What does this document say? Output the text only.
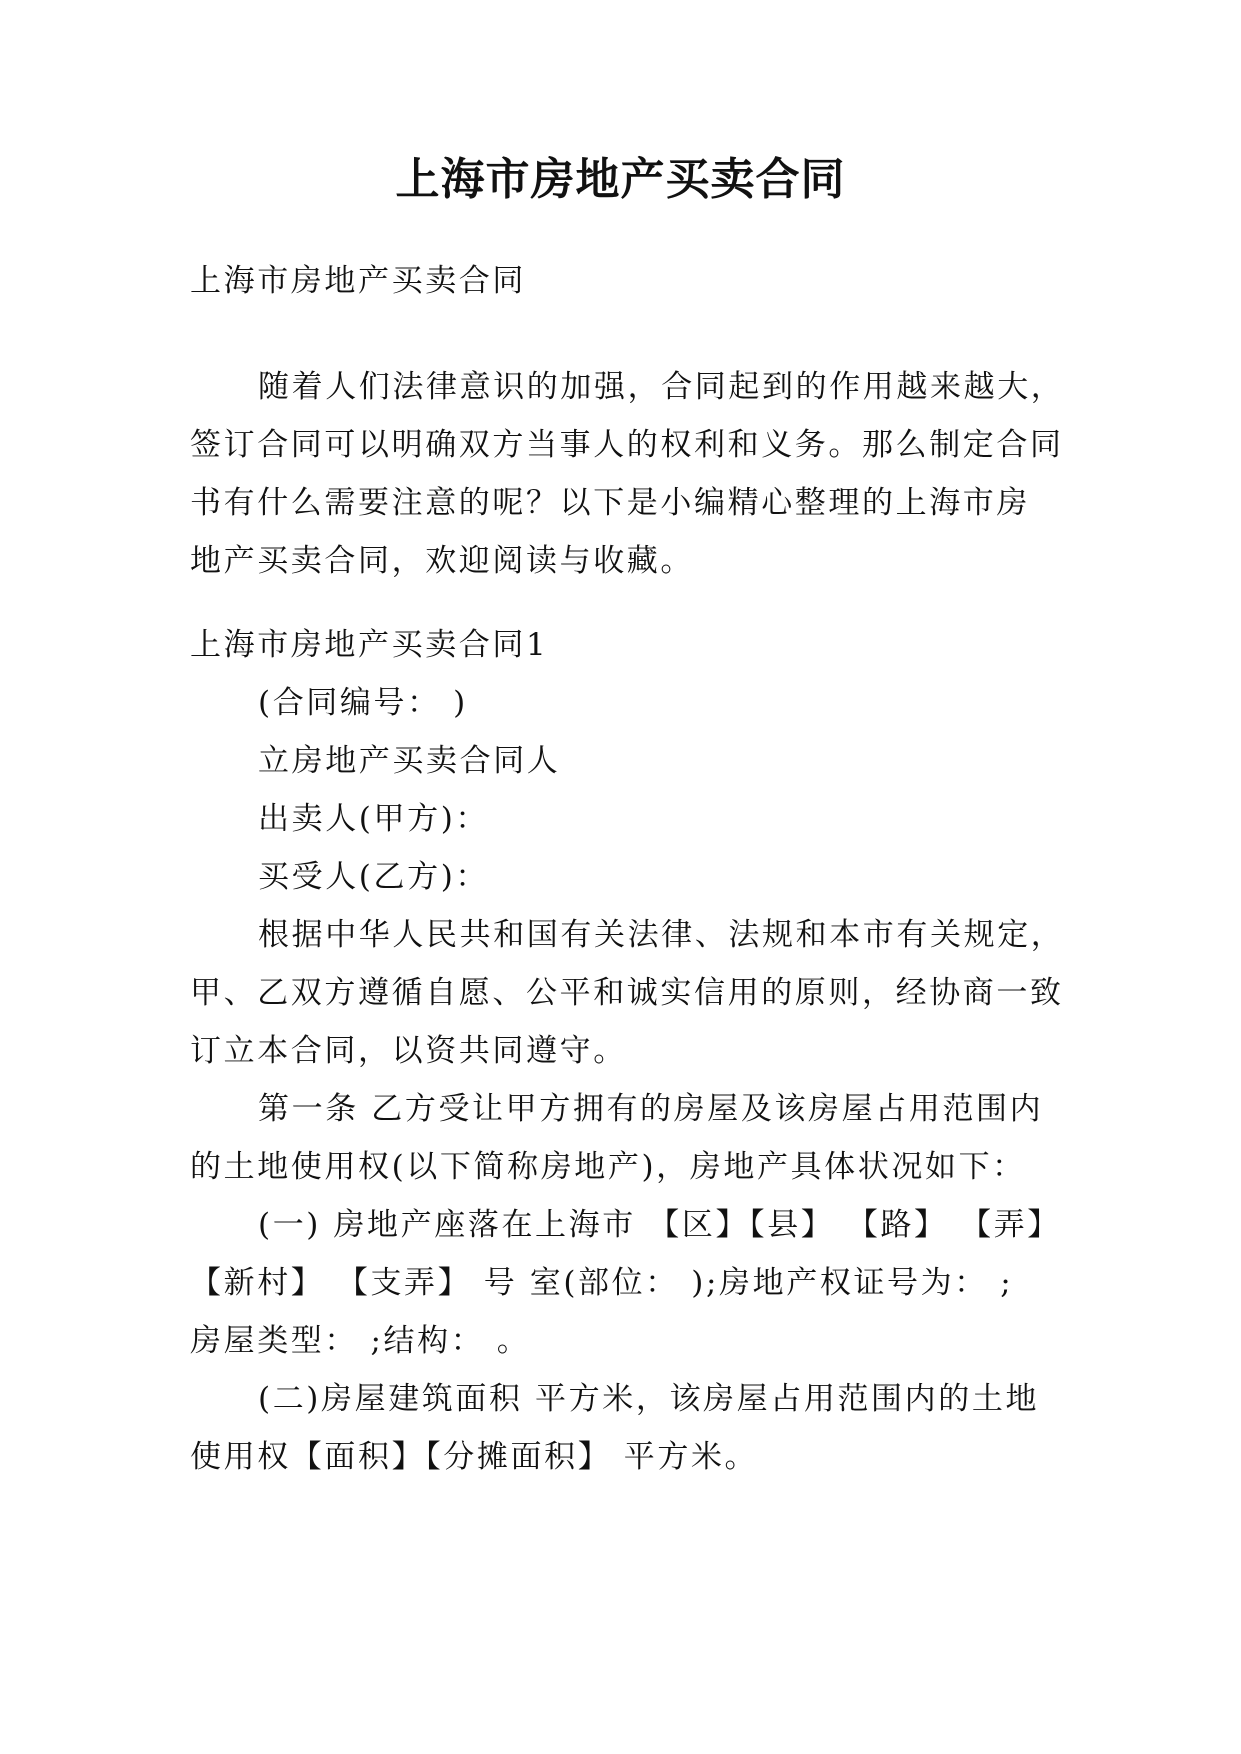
上海市房地产买卖合同
上海市房地产买卖合同
随着人们法律意识的加强，合同起到的作用越来越大，
签订合同可以明确双方当事人的权利和义务。那么制定合同
书有什么需要注意的呢？以下是小编精心整理的上海市房
地产买卖合同，欢迎阅读与收藏。
上海市房地产买卖合同1
(合同编号： )
立房地产买卖合同人
出卖人(甲方)：
买受人(乙方)：
根据中华人民共和国有关法律、法规和本市有关规定，
甲、乙双方遵循自愿、公平和诚实信用的原则，经协商一致
订立本合同，以资共同遵守。
第一条 乙方受让甲方拥有的房屋及该房屋占用范围内
的土地使用权(以下简称房地产)，房地产具体状况如下：
(一) 房地产座落在上海市 【区】【县】 【路】 【弄】
【新村】 【支弄】 号 室(部位： );房地产权证号为： ;
房屋类型： ;结构： 。
(二)房屋建筑面积 平方米，该房屋占用范围内的土地
使用权【面积】【分摊面积】 平方米。
